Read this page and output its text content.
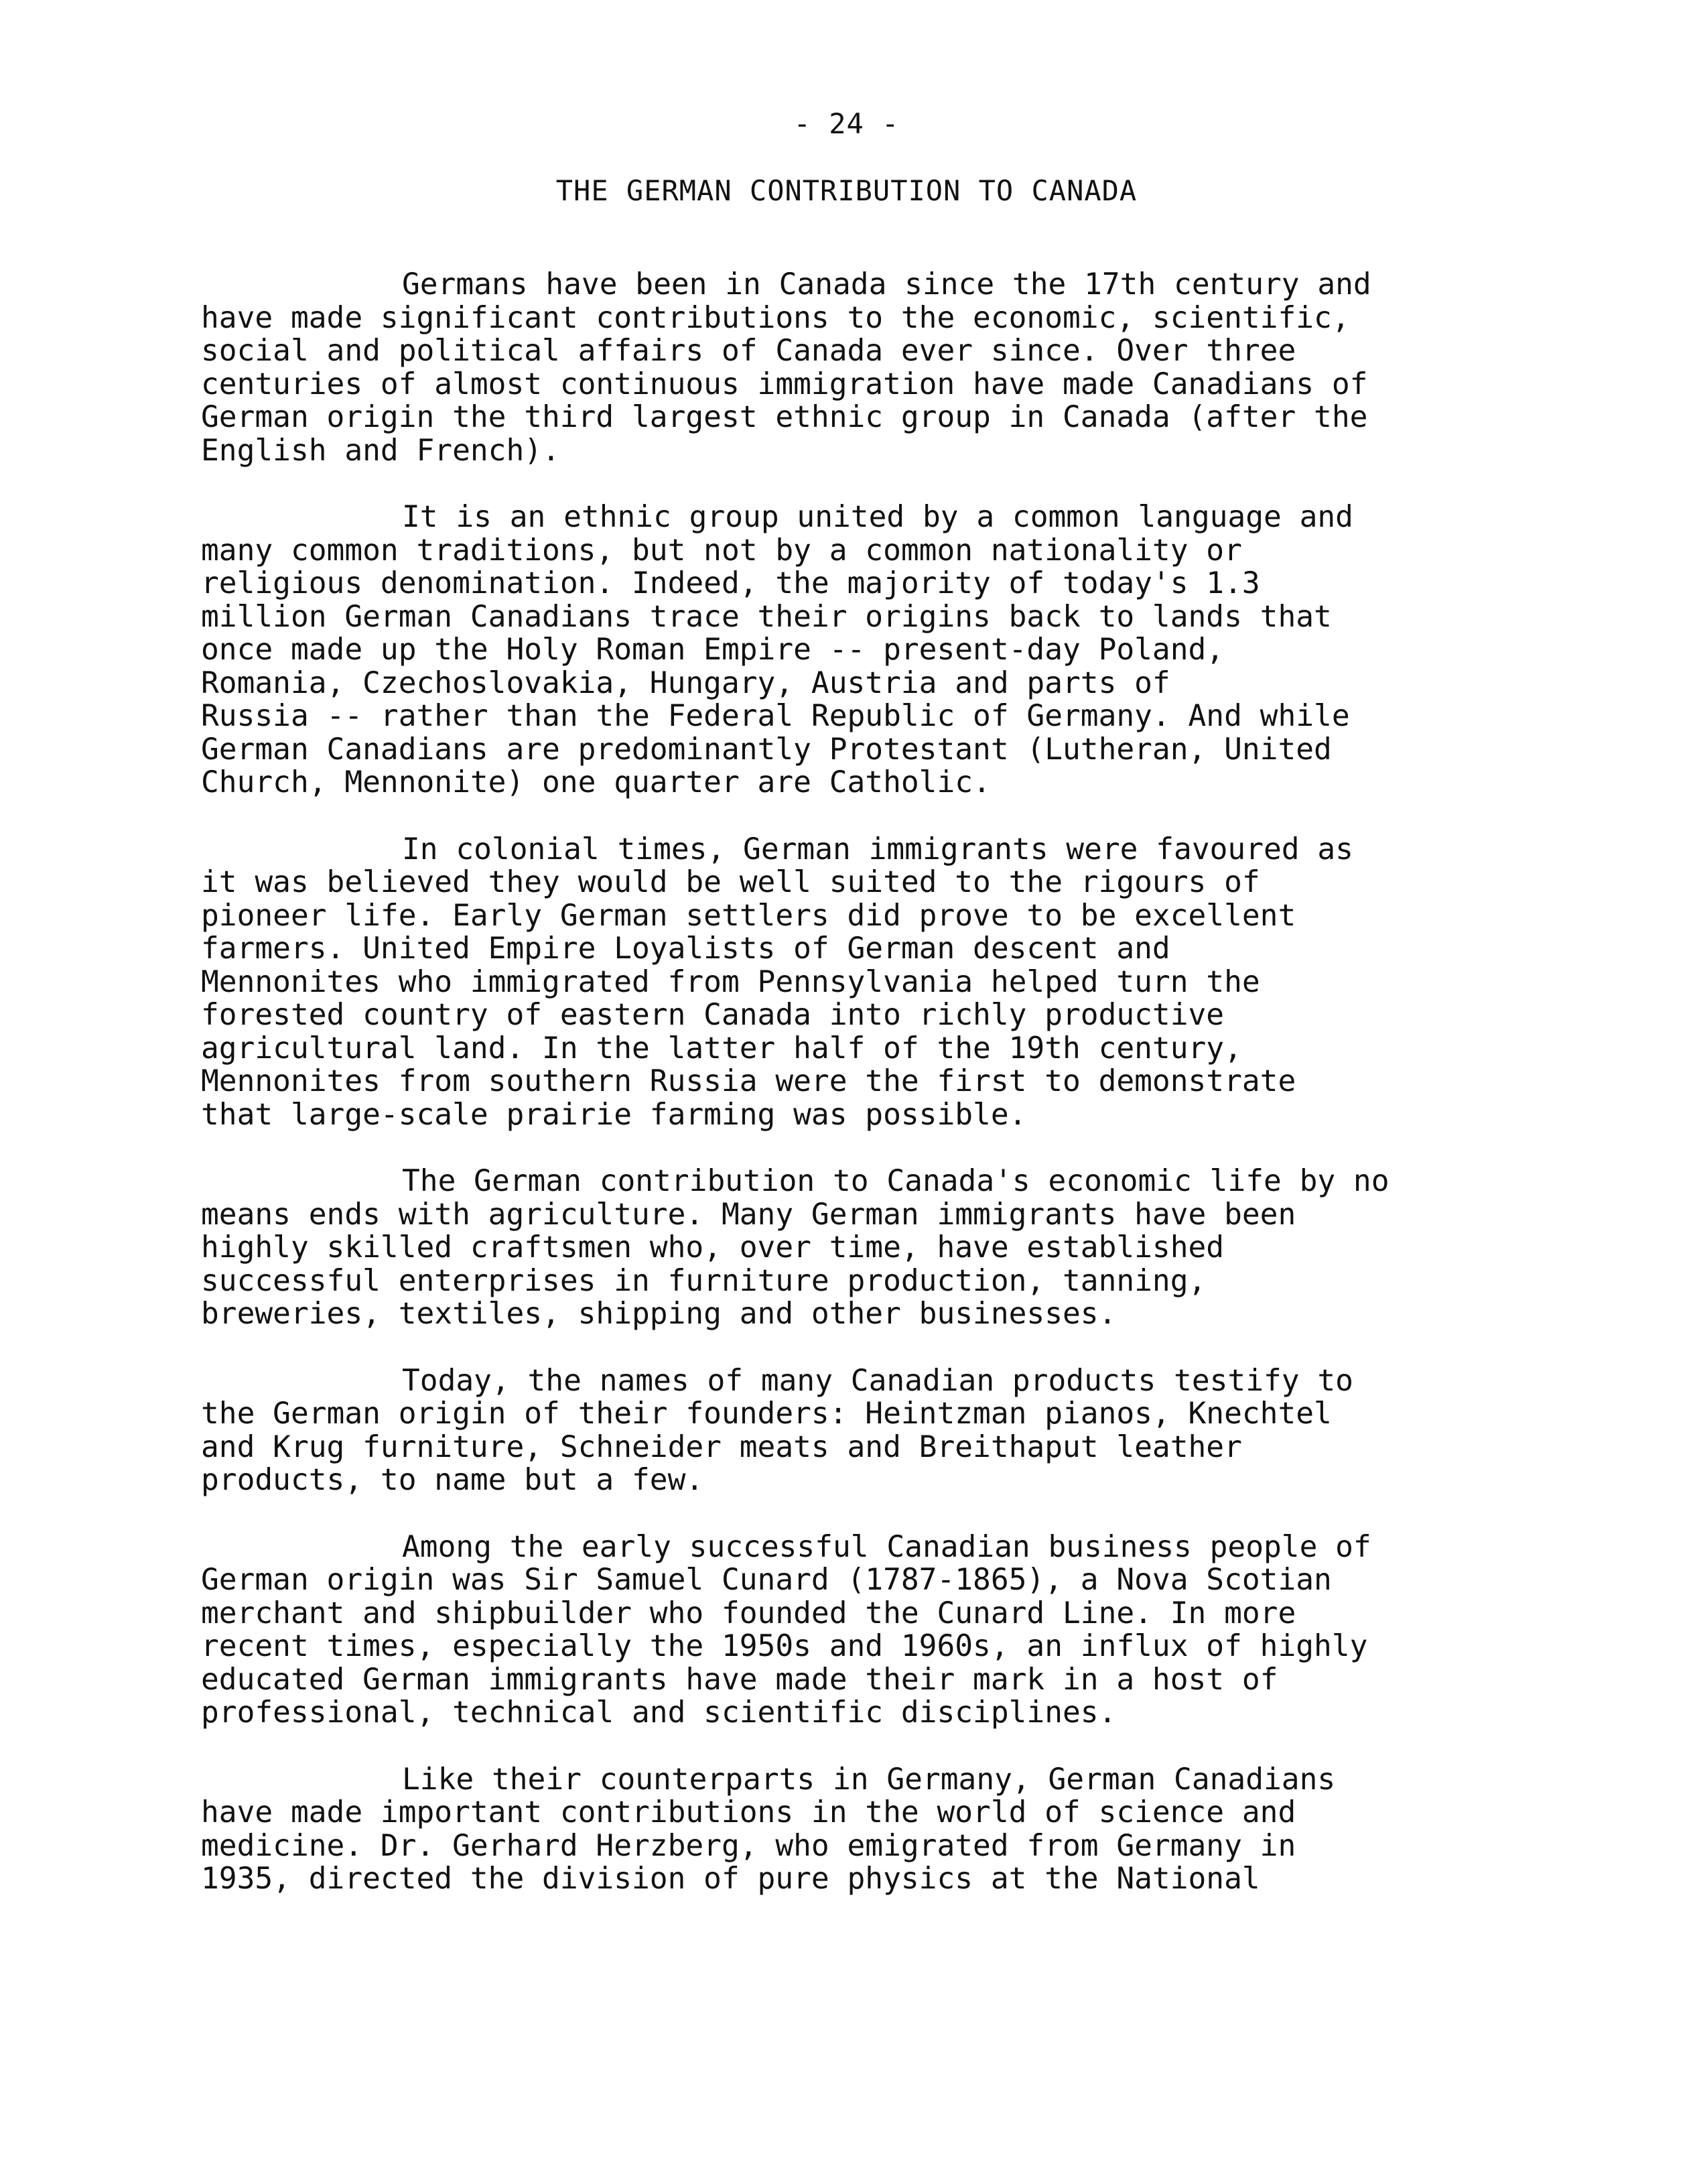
- 24 -
THE GERMAN CONTRIBUTION TO CANADA
Germans have been in Canada since the 17th century and
have made significant contributions to the economic, scientific,
social and political affairs of Canada ever since. Over three
centuries of almost continuous immigration have made Canadians of
German origin the third largest ethnic group in Canada (after the
English and French).
It is an ethnic group united by a common language and
many common traditions, but not by a common nationality or
religious denomination. Indeed, the majority of today's 1.3
million German Canadians trace their origins back to lands that
once made up the Holy Roman Empire -- present-day Poland,
Romania, Czechoslovakia, Hungary, Austria and parts of
Russia -- rather than the Federal Republic of Germany. And while
German Canadians are predominantly Protestant (Lutheran, United
Church, Mennonite) one quarter are Catholic.
In colonial times, German immigrants were favoured as
it was believed they would be well suited to the rigours of
pioneer life. Early German settlers did prove to be excellent
farmers. United Empire Loyalists of German descent and
Mennonites who immigrated from Pennsylvania helped turn the
forested country of eastern Canada into richly productive
agricultural land. In the latter half of the 19th century,
Mennonites from southern Russia were the first to demonstrate
that large-scale prairie farming was possible.
The German contribution to Canada's economic life by no
means ends with agriculture. Many German immigrants have been
highly skilled craftsmen who, over time, have established
successful enterprises in furniture production, tanning,
breweries, textiles, shipping and other businesses.
Today, the names of many Canadian products testify to
the German origin of their founders: Heintzman pianos, Knechtel
and Krug furniture, Schneider meats and Breithaput leather
products, to name but a few.
Among the early successful Canadian business people of
German origin was Sir Samuel Cunard (1787-1865), a Nova Scotian
merchant and shipbuilder who founded the Cunard Line. In more
recent times, especially the 1950s and 1960s, an influx of highly
educated German immigrants have made their mark in a host of
professional, technical and scientific disciplines.
Like their counterparts in Germany, German Canadians
have made important contributions in the world of science and
medicine. Dr. Gerhard Herzberg, who emigrated from Germany in
1935, directed the division of pure physics at the National
